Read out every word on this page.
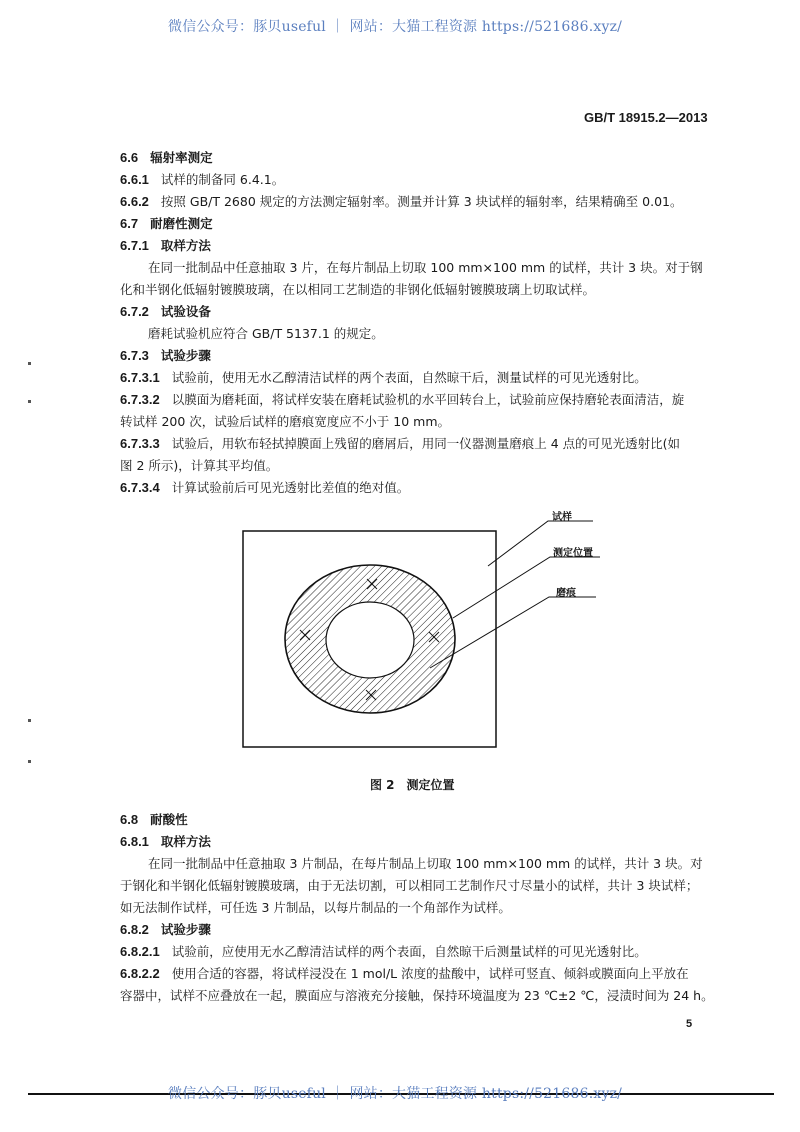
微信公众号：豚贝useful ｜ 网站：大猫工程资源 https://521686.xyz/
GB/T 18915.2—2013
6.6 辐射率测定
6.6.1 试样的制备同 6.4.1。
6.6.2 按照 GB/T 2680 规定的方法测定辐射率。测量并计算 3 块试样的辐射率，结果精确至 0.01。
6.7 耐磨性测定
6.7.1 取样方法
在同一批制品中任意抽取 3 片，在每片制品上切取 100 mm×100 mm 的试样，共计 3 块。对于钢
化和半钢化低辐射镀膜玻璃，在以相同工艺制造的非钢化低辐射镀膜玻璃上切取试样。
6.7.2 试验设备
磨耗试验机应符合 GB/T 5137.1 的规定。
6.7.3 试验步骤
6.7.3.1 试验前，使用无水乙醇清洁试样的两个表面，自然晾干后，测量试样的可见光透射比。
6.7.3.2 以膜面为磨耗面，将试样安装在磨耗试验机的水平回转台上，试验前应保持磨轮表面清洁，旋
转试样 200 次，试验后试样的磨痕宽度应不小于 10 mm。
6.7.3.3 试验后，用软布轻拭掉膜面上残留的磨屑后，用同一仪器测量磨痕上 4 点的可见光透射比(如
图 2 所示)，计算其平均值。
6.7.3.4 计算试验前后可见光透射比差值的绝对值。
试样
测定位置
磨痕
图 2　测定位置
6.8 耐酸性
6.8.1 取样方法
在同一批制品中任意抽取 3 片制品，在每片制品上切取 100 mm×100 mm 的试样，共计 3 块。对
于钢化和半钢化低辐射镀膜玻璃，由于无法切割，可以相同工艺制作尺寸尽量小的试样，共计 3 块试样；
如无法制作试样，可任选 3 片制品，以每片制品的一个角部作为试样。
6.8.2 试验步骤
6.8.2.1 试验前，应使用无水乙醇清洁试样的两个表面，自然晾干后测量试样的可见光透射比。
6.8.2.2 使用合适的容器，将试样浸没在 1 mol/L 浓度的盐酸中，试样可竖直、倾斜或膜面向上平放在
容器中，试样不应叠放在一起，膜面应与溶液充分接触，保持环境温度为 23 ℃±2 ℃，浸渍时间为 24 h。
5
微信公众号：豚贝useful ｜ 网站：大猫工程资源 https://521686.xyz/
